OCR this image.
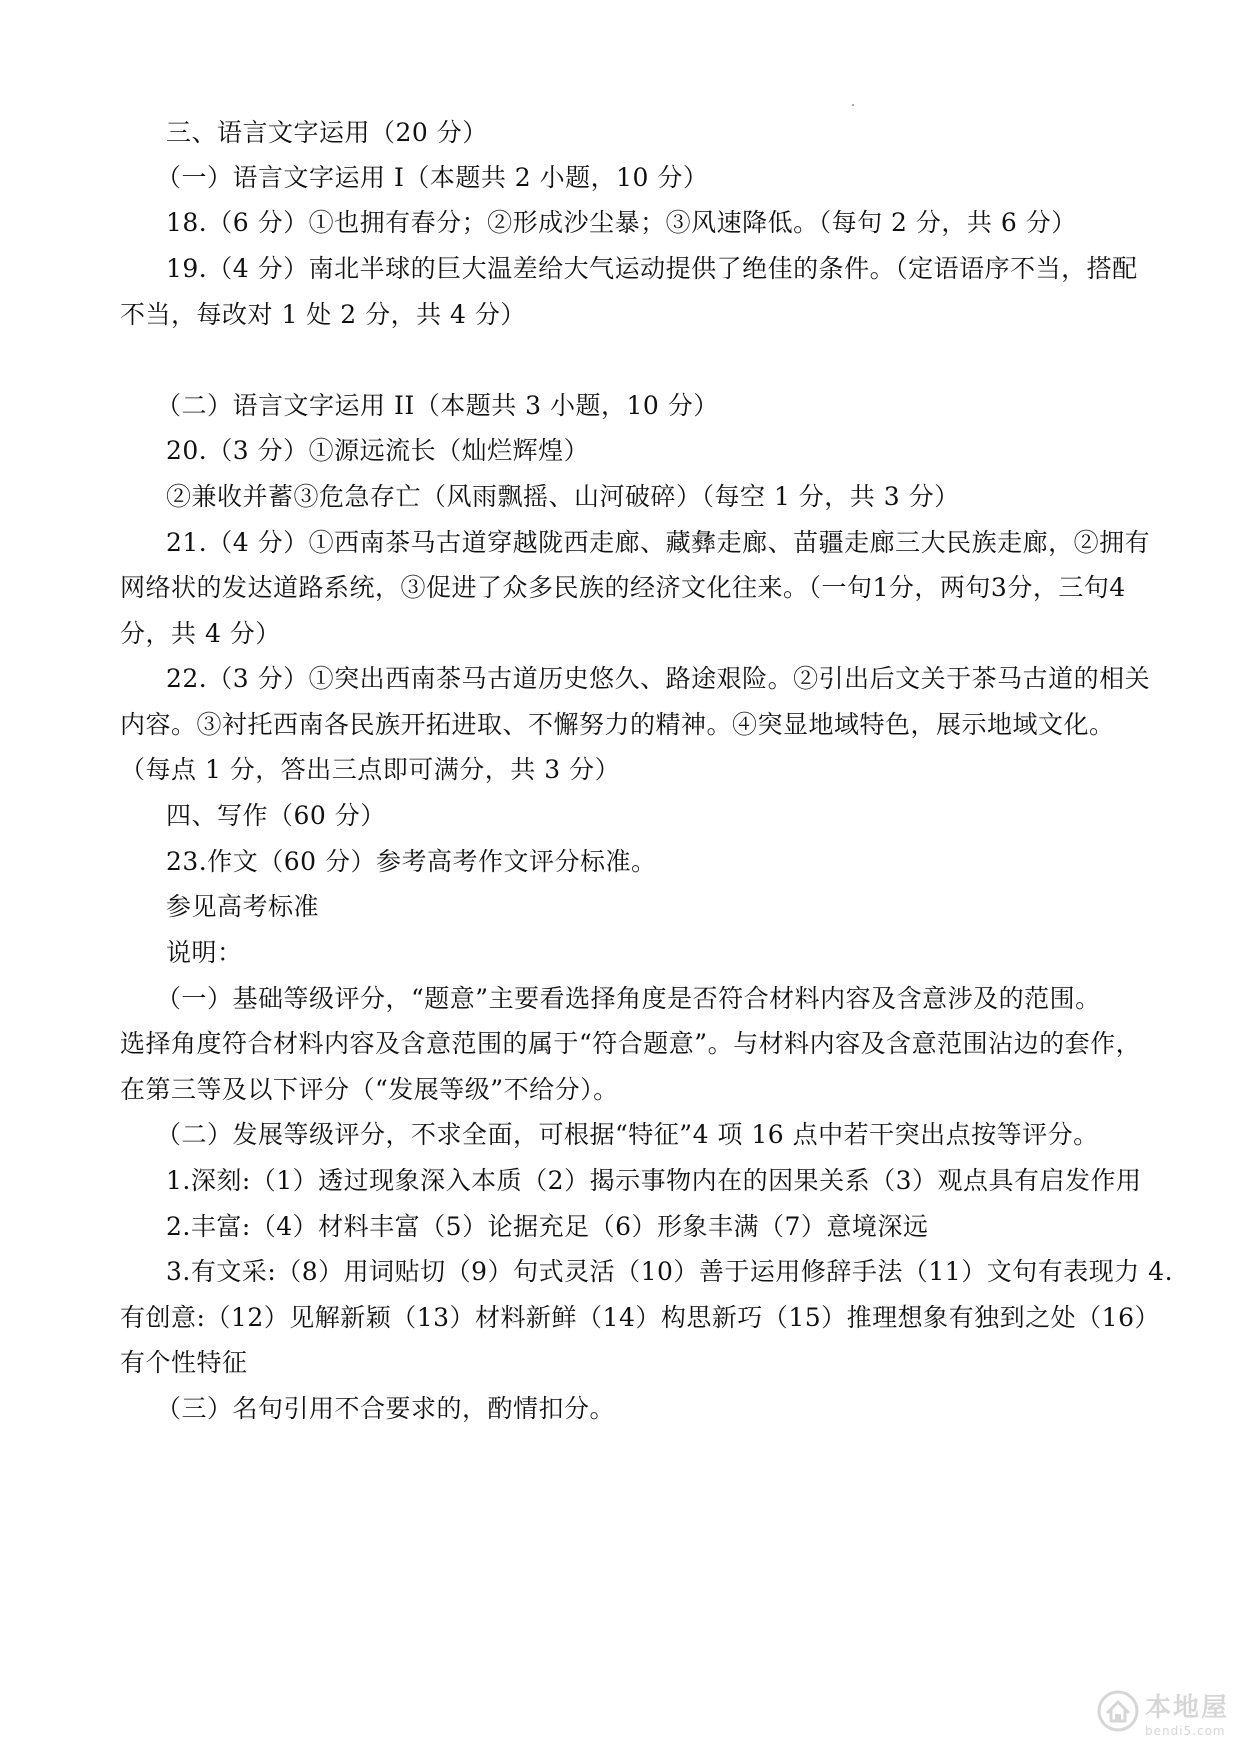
三、语言文字运用（20 分）
（一）语言文字运用 I（本题共 2 小题，10 分）
18.（6 分）①也拥有春分；②形成沙尘暴；③风速降低。（每句 2 分，共 6 分）
19.（4 分）南北半球的巨大温差给大气运动提供了绝佳的条件。（定语语序不当，搭配
不当，每改对 1 处 2 分，共 4 分）
（二）语言文字运用 II（本题共 3 小题，10 分）
20.（3 分）①源远流长（灿烂辉煌）
②兼收并蓄③危急存亡（风雨飘摇、山河破碎）（每空 1 分，共 3 分）
21.（4 分）①西南茶马古道穿越陇西走廊、藏彝走廊、苗疆走廊三大民族走廊，②拥有
网络状的发达道路系统，③促进了众多民族的经济文化往来。（一句1分，两句3分，三句4
分，共 4 分）
22.（3 分）①突出西南茶马古道历史悠久、路途艰险。②引出后文关于茶马古道的相关
内容。③衬托西南各民族开拓进取、不懈努力的精神。④突显地域特色，展示地域文化。
（每点 1 分，答出三点即可满分，共 3 分）
四、写作（60 分）
23.作文（60 分）参考高考作文评分标准。
参见高考标准
说明：
（一）基础等级评分，“题意”主要看选择角度是否符合材料内容及含意涉及的范围。
选择角度符合材料内容及含意范围的属于“符合题意”。与材料内容及含意范围沾边的套作，
在第三等及以下评分（“发展等级”不给分）。
（二）发展等级评分，不求全面，可根据“特征”4 项 16 点中若干突出点按等评分。
1.深刻:（1）透过现象深入本质（2）揭示事物内在的因果关系（3）观点具有启发作用
2.丰富:（4）材料丰富（5）论据充足（6）形象丰满（7）意境深远
3.有文采:（8）用词贴切（9）句式灵活（10）善于运用修辞手法（11）文句有表现力 4.
有创意:（12）见解新颖（13）材料新鲜（14）构思新巧（15）推理想象有独到之处（16）
有个性特征
（三）名句引用不合要求的，酌情扣分。
本地屋
bendi5.com
